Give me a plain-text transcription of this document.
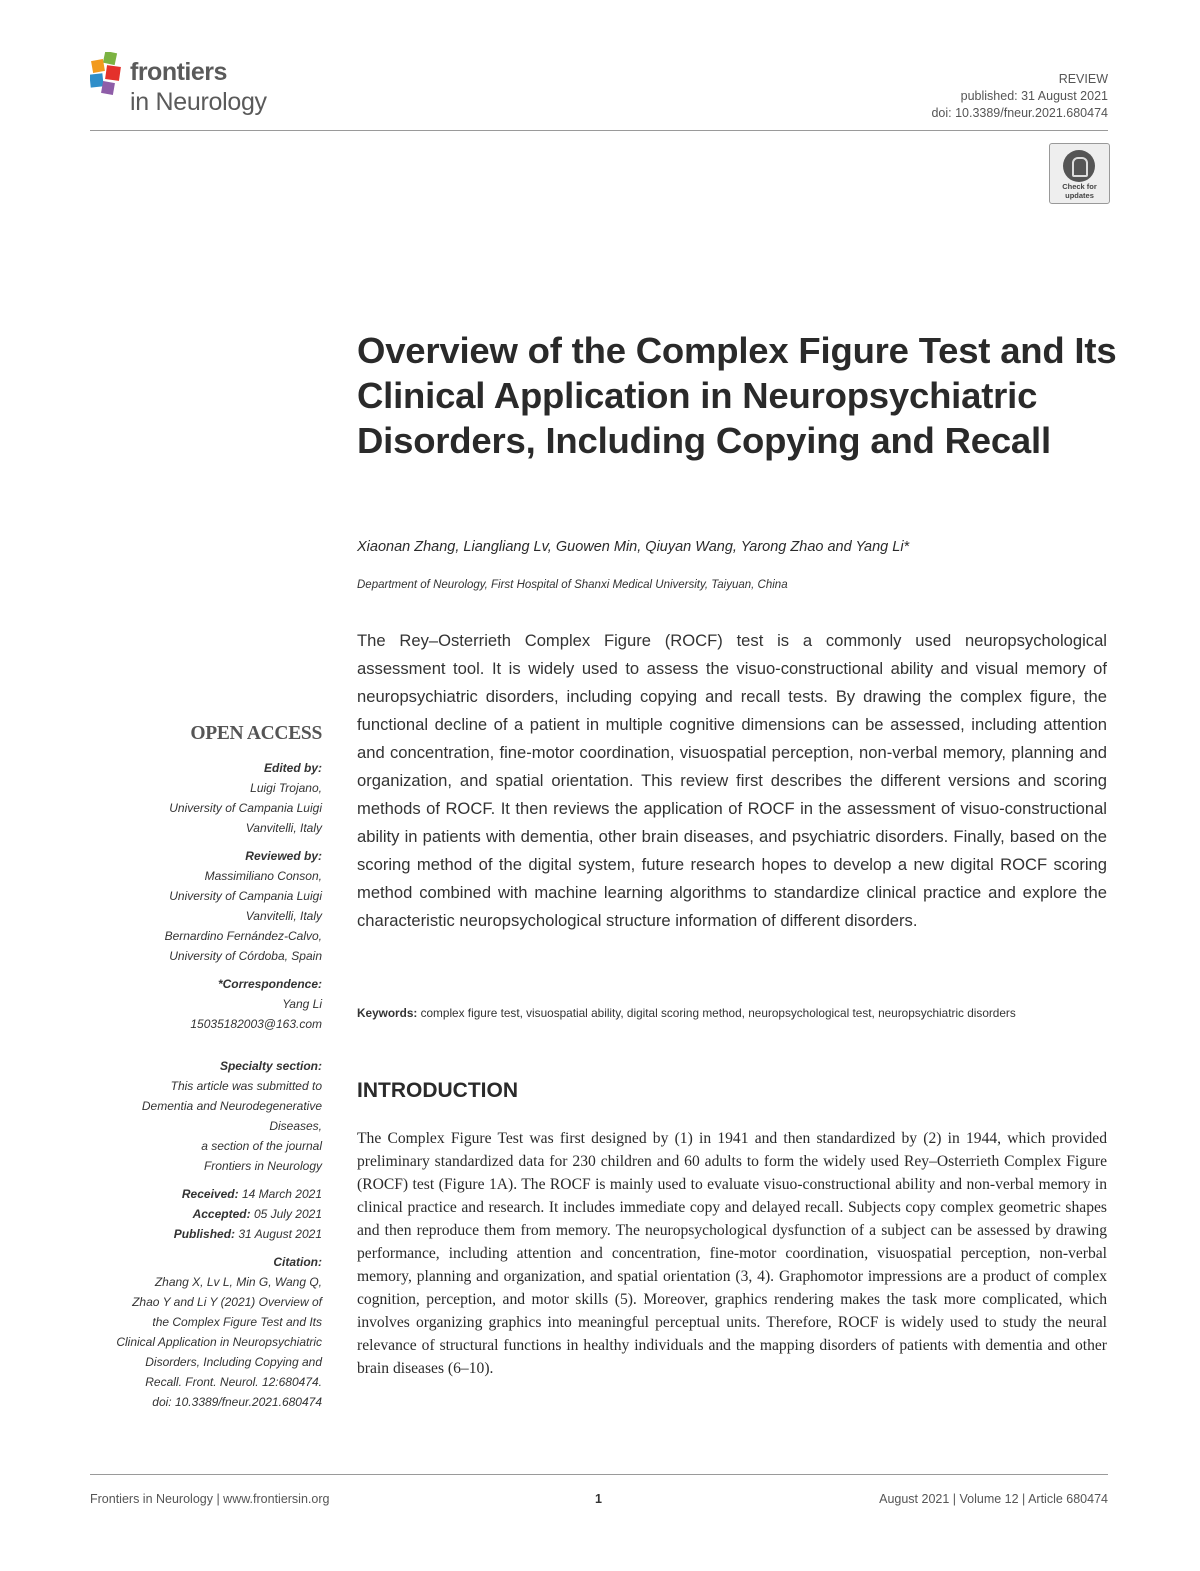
frontiers
in Neurology
REVIEW
published: 31 August 2021
doi: 10.3389/fneur.2021.680474
Check for updates
Overview of the Complex Figure Test and Its Clinical Application in Neuropsychiatric Disorders, Including Copying and Recall
Xiaonan Zhang, Liangliang Lv, Guowen Min, Qiuyan Wang, Yarong Zhao and Yang Li*
Department of Neurology, First Hospital of Shanxi Medical University, Taiyuan, China

The Rey–Osterrieth Complex Figure (ROCF) test is a commonly used neuropsychological assessment tool. It is widely used to assess the visuo-constructional ability and visual memory of neuropsychiatric disorders, including copying and recall tests. By drawing the complex figure, the functional decline of a patient in multiple cognitive dimensions can be assessed, including attention and concentration, fine-motor coordination, visuospatial perception, non-verbal memory, planning and organization, and spatial orientation. This review first describes the different versions and scoring methods of ROCF. It then reviews the application of ROCF in the assessment of visuo-constructional ability in patients with dementia, other brain diseases, and psychiatric disorders. Finally, based on the scoring method of the digital system, future research hopes to develop a new digital ROCF scoring method combined with machine learning algorithms to standardize clinical practice and explore the characteristic neuropsychological structure information of different disorders.

Keywords: complex figure test, visuospatial ability, digital scoring method, neuropsychological test, neuropsychiatric disorders

INTRODUCTION

The Complex Figure Test was first designed by (1) in 1941 and then standardized by (2) in 1944, which provided preliminary standardized data for 230 children and 60 adults to form the widely used Rey–Osterrieth Complex Figure (ROCF) test (Figure 1A). The ROCF is mainly used to evaluate visuo-constructional ability and non-verbal memory in clinical practice and research. It includes immediate copy and delayed recall. Subjects copy complex geometric shapes and then reproduce them from memory. The neuropsychological dysfunction of a subject can be assessed by drawing performance, including attention and concentration, fine-motor coordination, visuospatial perception, non-verbal memory, planning and organization, and spatial orientation (3, 4). Graphomotor impressions are a product of complex cognition, perception, and motor skills (5). Moreover, graphics rendering makes the task more complicated, which involves organizing graphics into meaningful perceptual units. Therefore, ROCF is widely used to study the neural relevance of structural functions in healthy individuals and the mapping disorders of patients with dementia and other brain diseases (6–10).

OPEN ACCESS
Edited by:
Luigi Trojano,
University of Campania Luigi
Vanvitelli, Italy
Reviewed by:
Massimiliano Conson,
University of Campania Luigi
Vanvitelli, Italy
Bernardino Fernández-Calvo,
University of Córdoba, Spain
*Correspondence:
Yang Li
15035182003@163.com
Specialty section:
This article was submitted to
Dementia and Neurodegenerative
Diseases,
a section of the journal
Frontiers in Neurology
Received: 14 March 2021
Accepted: 05 July 2021
Published: 31 August 2021
Citation:
Zhang X, Lv L, Min G, Wang Q,
Zhao Y and Li Y (2021) Overview of
the Complex Figure Test and Its
Clinical Application in Neuropsychiatric
Disorders, Including Copying and
Recall. Front. Neurol. 12:680474.
doi: 10.3389/fneur.2021.680474
Frontiers in Neurology | www.frontiersin.org	1	August 2021 | Volume 12 | Article 680474
